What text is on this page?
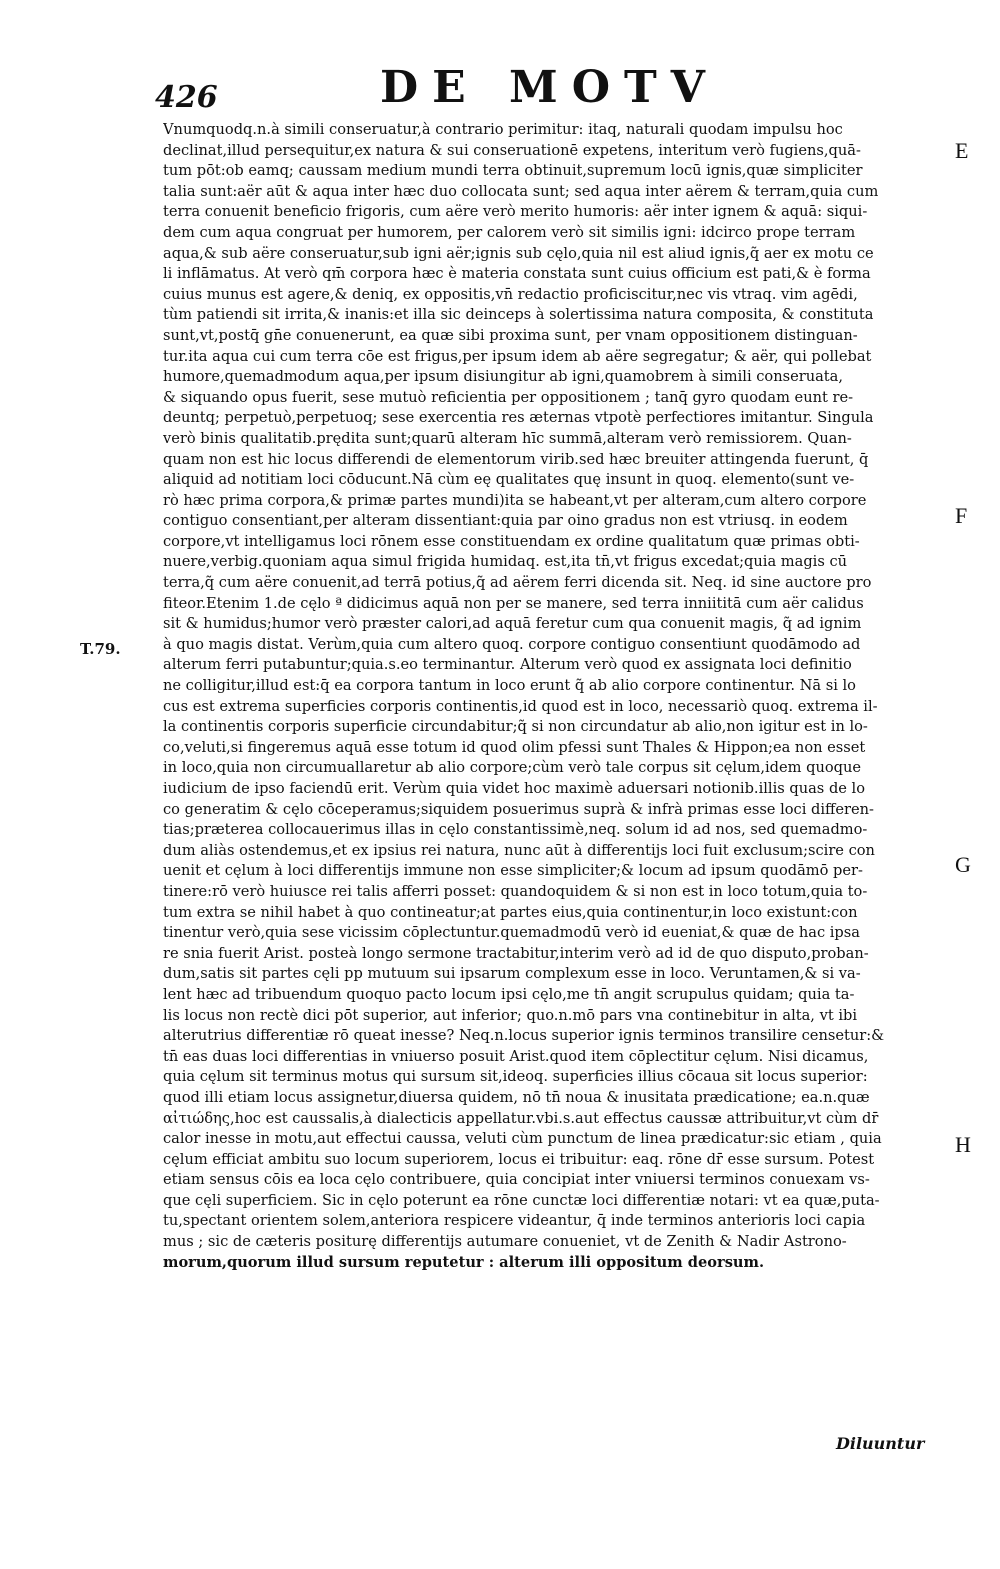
426	DE MOTV
E
F
G
H
T.79.
Vnumquodq.n.à simili conseruatur,à contrario perimitur: itaq, naturali quodam impulsu hoc
declinat,illud persequitur,ex natura & sui conseruationē expetens, interitum verò fugiens,quā-
tum pōt:ob eamq; caussam medium mundi terra obtinuit,supremum locū ignis,quæ simpliciter
talia sunt:aër aūt & aqua inter hæc duo collocata sunt; sed aqua inter aërem & terram,quia cum
terra conuenit beneficio frigoris, cum aëre verò merito humoris: aër inter ignem & aquā: siqui-
dem cum aqua congruat per humorem, per calorem verò sit similis igni: idcirco prope terram
aqua,& sub aëre conseruatur,sub igni aër;ignis sub cęlo,quia nil est aliud ignis,q̃ aer ex motu ce
li inflāmatus. At verò qm̄ corpora hæc è materia constata sunt cuius officium est pati,& è forma
cuius munus est agere,& deniq, ex oppositis,vn̄ redactio proficiscitur,nec vis vtraq. vim agēdi,
tùm patiendi sit irrita,& inanis:et illa sic deinceps à solertissima natura composita, & constituta
sunt,vt,postq̄ gn̄e conuenerunt, ea quæ sibi proxima sunt, per vnam oppositionem distinguan-
tur.ita aqua cui cum terra cōe est frigus,per ipsum idem ab aëre segregatur; & aër, qui pollebat
humore,quemadmodum aqua,per ipsum disiungitur ab igni,quamobrem à simili conseruata,
& siquando opus fuerit, sese mutuò reficientia per oppositionem ; tanq̄ gyro quodam eunt re-
deuntq; perpetuò,perpetuoq; sese exercentia res æternas vtpotè perfectiores imitantur. Singula
verò binis qualitatib.prędita sunt;quarū alteram hīc summā,alteram verò remissiorem. Quan-
quam non est hic locus differendi de elementorum virib.sed hæc breuiter attingenda fuerunt, q̄
aliquid ad notitiam loci cōducunt.Nā cùm eę qualitates quę insunt in quoq. elemento(sunt ve-
rò hæc prima corpora,& primæ partes mundi)ita se habeant,vt per alteram,cum altero corpore
contiguo consentiant,per alteram dissentiant:quia par oino gradus non est vtriusq. in eodem
corpore,vt intelligamus loci rōnem esse constituendam ex ordine qualitatum quæ primas obti-
nuere,verbig.quoniam aqua simul frigida humidaq. est,ita tn̄,vt frigus excedat;quia magis cū
terra,q̃ cum aëre conuenit,ad terrā potius,q̃ ad aërem ferri dicenda sit. Neq. id sine auctore pro
fiteor.Etenim 1.de cęlo ª didicimus aquā non per se manere, sed terra inniititā cum aër calidus
sit & humidus;humor verò præster calori,ad aquā feretur cum qua conuenit magis, q̃ ad ignim
à quo magis distat. Verùm,quia cum altero quoq. corpore contiguo consentiunt quodāmodo ad
alterum ferri putabuntur;quia.s.eo terminantur. Alterum verò quod ex assignata loci definitio
ne colligitur,illud est:q̄ ea corpora tantum in loco erunt q̃ ab alio corpore continentur. Nā si lo
cus est extrema superficies corporis continentis,id quod est in loco, necessariò quoq. extrema il-
la continentis corporis superficie circundabitur;q̃ si non circundatur ab alio,non igitur est in lo-
co,veluti,si fingeremus aquā esse totum id quod olim pfessi sunt Thales & Hippon;ea non esset
in loco,quia non circumuallaretur ab alio corpore;cùm verò tale corpus sit cęlum,idem quoque
iudicium de ipso faciendū erit. Verùm quia videt hoc maximè aduersari notionib.illis quas de lo
co generatim & cęlo cōceperamus;siquidem posuerimus suprà & infrà primas esse loci differen-
tias;præterea collocauerimus illas in cęlo constantissimè,neq. solum id ad nos, sed quemadmo-
dum aliàs ostendemus,et ex ipsius rei natura, nunc aūt à differentijs loci fuit exclusum;scire con
uenit et cęlum à loci differentijs immune non esse simpliciter;& locum ad ipsum quodāmō per-
tinere:rō verò huiusce rei talis afferri posset: quandoquidem & si non est in loco totum,quia to-
tum extra se nihil habet à quo contineatur;at partes eius,quia continentur,in loco existunt:con
tinentur verò,quia sese vicissim cōplectuntur.quemadmodū verò id eueniat,& quæ de hac ipsa
re snia fuerit Arist. posteà longo sermone tractabitur,interim verò ad id de quo disputo,proban-
dum,satis sit partes cęli pp mutuum sui ipsarum complexum esse in loco. Veruntamen,& si va-
lent hæc ad tribuendum quoquo pacto locum ipsi cęlo,me tn̄ angit scrupulus quidam; quia ta-
lis locus non rectè dici pōt superior, aut inferior; quo.n.mō pars vna continebitur in alta, vt ibi
alterutrius differentiæ rō queat inesse? Neq.n.locus superior ignis terminos transilire censetur:&
tn̄ eas duas loci differentias in vniuerso posuit Arist.quod item cōplectitur cęlum. Nisi dicamus,
quia cęlum sit terminus motus qui sursum sit,ideoq. superficies illius cōcaua sit locus superior:
quod illi etiam locus assignetur,diuersa quidem, nō tn̄ noua & inusitata prædicatione; ea.n.quæ
αἰτιώδης,hoc est caussalis,à dialecticis appellatur.vbi.s.aut effectus caussæ attribuitur,vt cùm dr̄
calor inesse in motu,aut effectui caussa, veluti cùm punctum de linea prædicatur:sic etiam , quia
cęlum efficiat ambitu suo locum superiorem, locus ei tribuitur: eaq. rōne dr̄ esse sursum. Potest
etiam sensus cōis ea loca cęlo contribuere, quia concipiat inter vniuersi terminos conuexam vs-
que cęli superficiem. Sic in cęlo poterunt ea rōne cunctæ loci differentiæ notari: vt ea quæ,puta-
tu,spectant orientem solem,anteriora respicere videantur, q̄ inde terminos anterioris loci capia
mus ; sic de cæteris positurę differentijs autumare conueniet, vt de Zenith & Nadir Astrono-
morum,quorum illud sursum reputetur : alterum illi oppositum deorsum.
Diluuntur
